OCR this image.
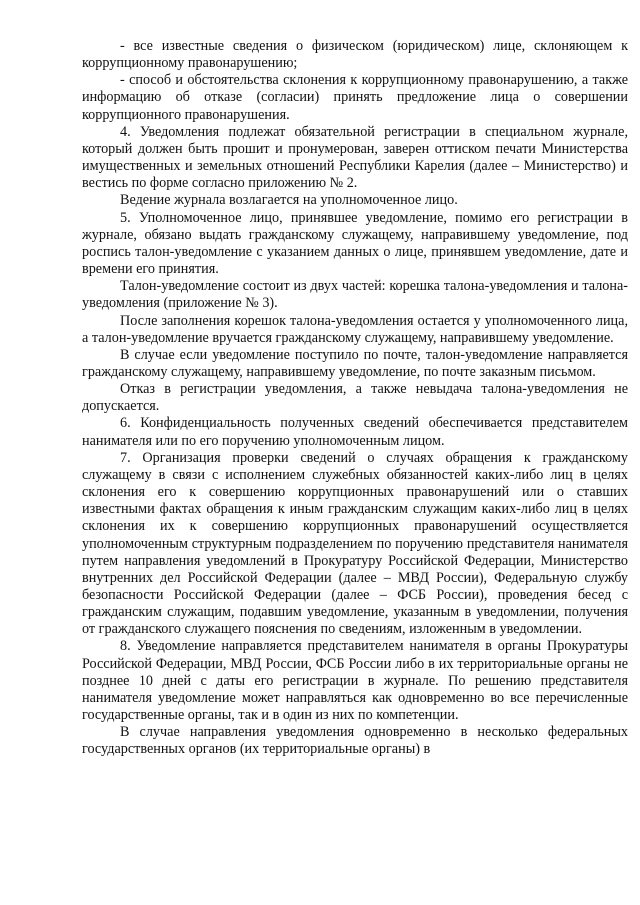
- все известные сведения о физическом (юридическом) лице, склоняющем к коррупционному правонарушению;

- способ и обстоятельства склонения к коррупционному правонарушению, а также информацию об отказе (согласии) принять предложение лица о совершении коррупционного правонарушения.

4. Уведомления подлежат обязательной регистрации в специальном журнале, который должен быть прошит и пронумерован, заверен оттиском печати Министерства имущественных и земельных отношений Республики Карелия (далее – Министерство) и вестись по форме согласно приложению № 2.

Ведение журнала возлагается на уполномоченное лицо.

5. Уполномоченное лицо, принявшее уведомление, помимо его регистрации в журнале, обязано выдать гражданскому служащему, направившему уведомление, под роспись талон-уведомление с указанием данных о лице, принявшем уведомление, дате и времени его принятия.

Талон-уведомление состоит из двух частей: корешка талона-уведомления и талона-уведомления (приложение № 3).

После заполнения корешок талона-уведомления остается у уполномоченного лица, а талон-уведомление вручается гражданскому служащему, направившему уведомление.

В случае если уведомление поступило по почте, талон-уведомление направляется гражданскому служащему, направившему уведомление, по почте заказным письмом.

Отказ в регистрации уведомления, а также невыдача талона-уведомления не допускается.

6. Конфиденциальность полученных сведений обеспечивается представителем нанимателя или по его поручению уполномоченным лицом.

7. Организация проверки сведений о случаях обращения к гражданскому служащему в связи с исполнением служебных обязанностей каких-либо лиц в целях склонения его к совершению коррупционных правонарушений или о ставших известными фактах обращения к иным гражданским служащим каких-либо лиц в целях склонения их к совершению коррупционных правонарушений осуществляется уполномоченным структурным подразделением по поручению представителя нанимателя путем направления уведомлений в Прокуратуру Российской Федерации, Министерство внутренних дел Российской Федерации (далее – МВД России), Федеральную службу безопасности Российской Федерации (далее – ФСБ России), проведения бесед с гражданским служащим, подавшим уведомление, указанным в уведомлении, получения от гражданского служащего пояснения по сведениям, изложенным в уведомлении.

8. Уведомление направляется представителем нанимателя в органы Прокуратуры Российской Федерации, МВД России, ФСБ России либо в их территориальные органы не позднее 10 дней с даты его регистрации в журнале. По решению представителя нанимателя уведомление может направляться как одновременно во все перечисленные государственные органы, так и в один из них по компетенции.

В случае направления уведомления одновременно в несколько федеральных государственных органов (их территориальные органы) в
